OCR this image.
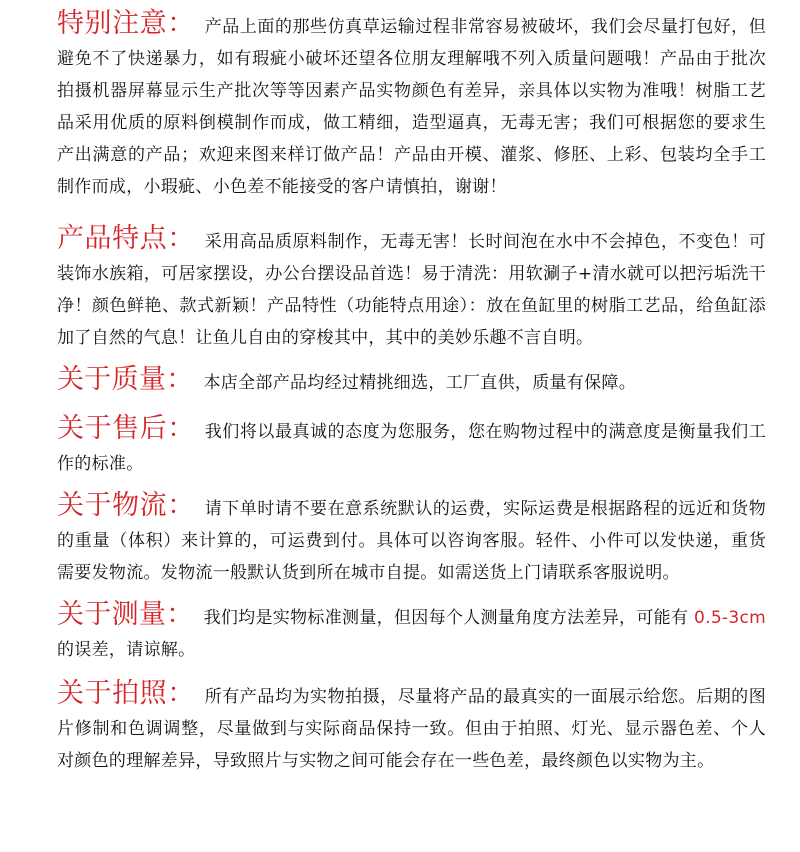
特别注意： 产品上面的那些仿真草运输过程非常容易被破坏，我们会尽量打包好，但避免不了快递暴力，如有瑕疵小破坏还望各位朋友理解哦不列入质量问题哦！产品由于批次拍摄机器屏幕显示生产批次等等因素产品实物颜色有差异，亲具体以实物为准哦！树脂工艺品采用优质的原料倒模制作而成，做工精细，造型逼真，无毒无害；我们可根据您的要求生产出满意的产品；欢迎来图来样订做产品！产品由开模、灌浆、修胚、上彩、包装均全手工制作而成，小瑕疵、小色差不能接受的客户请慎拍，谢谢！

产品特点： 采用高品质原料制作，无毒无害！长时间泡在水中不会掉色，不变色！可装饰水族箱，可居家摆设，办公台摆设品首选！易于清洗：用软涮子+清水就可以把污垢洗干净！颜色鲜艳、款式新颖！产品特性（功能特点用途）：放在鱼缸里的树脂工艺品，给鱼缸添加了自然的气息！让鱼儿自由的穿梭其中，其中的美妙乐趣不言自明。

关于质量： 本店全部产品均经过精挑细选，工厂直供，质量有保障。

关于售后： 我们将以最真诚的态度为您服务，您在购物过程中的满意度是衡量我们工作的标准。

关于物流： 请下单时请不要在意系统默认的运费，实际运费是根据路程的远近和货物的重量（体积）来计算的，可运费到付。具体可以咨询客服。轻件、小件可以发快递，重货需要发物流。发物流一般默认货到所在城市自提。如需送货上门请联系客服说明。

关于测量： 我们均是实物标准测量，但因每个人测量角度方法差异，可能有 0.5-3cm 的误差，请谅解。

关于拍照： 所有产品均为实物拍摄，尽量将产品的最真实的一面展示给您。后期的图片修制和色调调整，尽量做到与实际商品保持一致。但由于拍照、灯光、显示器色差、个人对颜色的理解差异，导致照片与实物之间可能会存在一些色差，最终颜色以实物为主。
